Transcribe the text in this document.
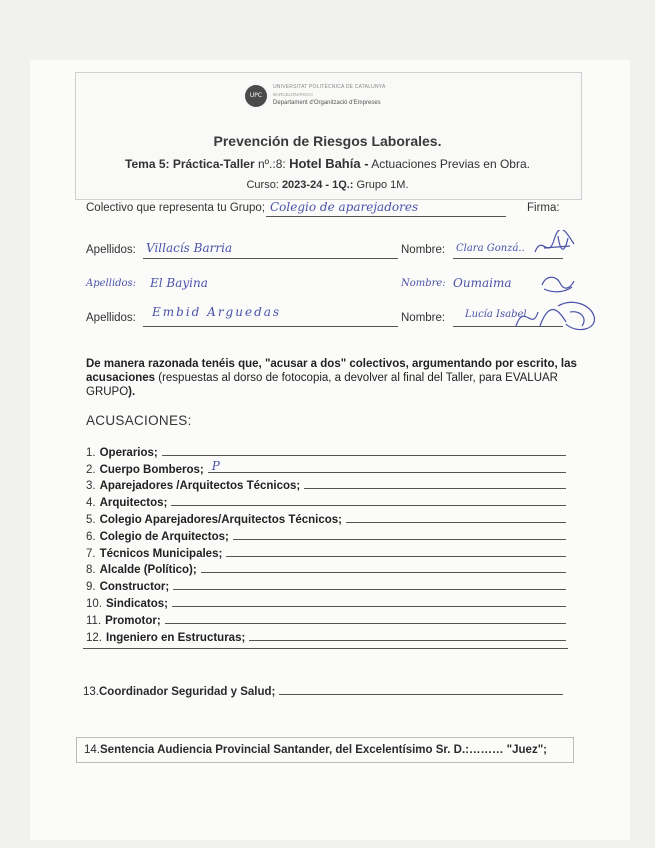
UPC
UNIVERSITAT POLITÈCNICA DE CATALUNYA
BARCELONATECH
Departament d'Organització d'Empreses
Prevención de Riesgos Laborales.
Tema 5: Práctica-Taller nº.:8: Hotel Bahía - Actuaciones Previas en Obra.
Curso: 2023-24 - 1Q.: Grupo 1M.
Colectivo que representa tu Grupo; Colegio de aparejadores	Firma:
Apellidos: Villacís Barria	Nombre: Clara Gonzá..
Apellidos: El Bayina	Nombre: Oumaima
Apellidos: Embid Arguedas	Nombre: Lucía Isabel
De manera razonada tenéis que, "acusar a dos" colectivos, argumentando por escrito, las acusaciones (respuestas al dorso de fotocopia, a devolver al final del Taller, para EVALUAR GRUPO).
ACUSACIONES:
1. Operarios;
2. Cuerpo Bomberos; P
3. Aparejadores /Arquitectos Técnicos;
4. Arquitectos;
5. Colegio Aparejadores/Arquitectos Técnicos;
6. Colegio de Arquitectos;
7. Técnicos Municipales;
8. Alcalde (Político);
9. Constructor;
10. Sindicatos;
11. Promotor;
12. Ingeniero en Estructuras;
13. Coordinador Seguridad y Salud;
14. Sentencia Audiencia Provincial Santander, del Excelentísimo Sr. D.:……… "Juez";
